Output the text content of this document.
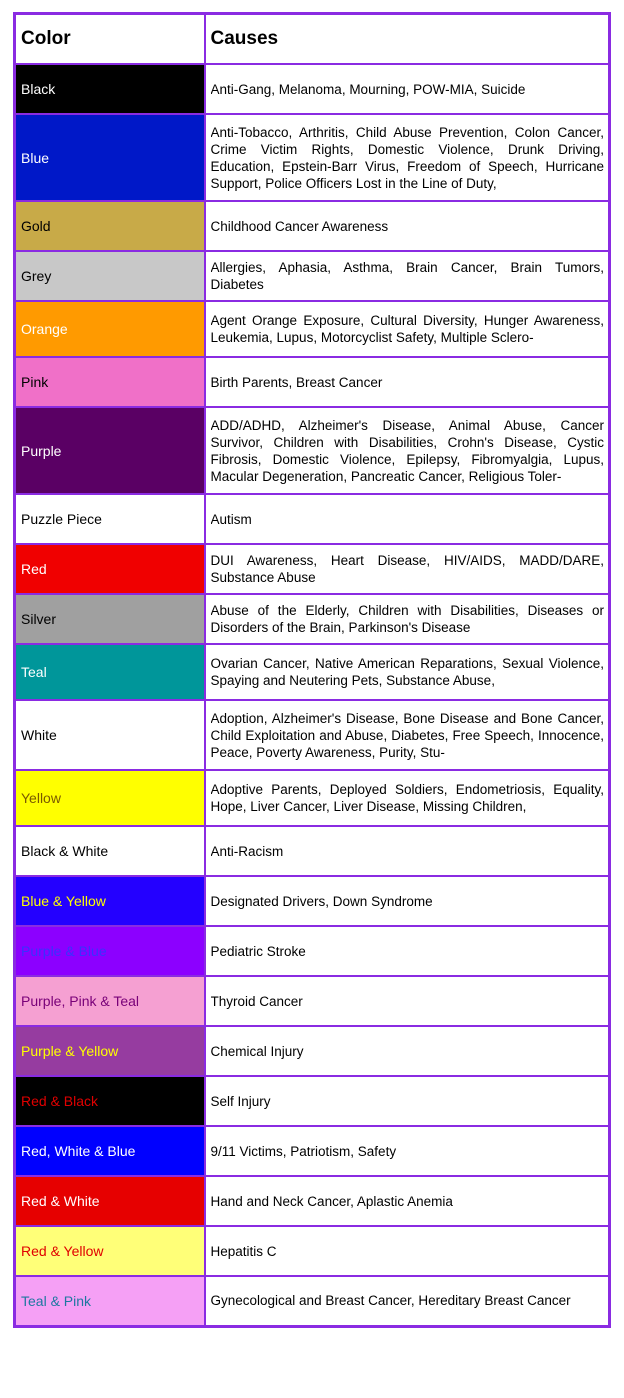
Color	Causes
Black	Anti-Gang, Melanoma, Mourning, POW-MIA, Suicide

Blue	Anti-Tobacco, Arthritis, Child Abuse Prevention, Colon Cancer, Crime Victim Rights, Domestic Violence, Drunk Driving, Education, Epstein-Barr Virus, Freedom of Speech, Hurricane Support, Police Officers Lost in the Line of Duty,

Gold	Childhood Cancer Awareness

Grey	Allergies, Aphasia, Asthma, Brain Cancer, Brain Tumors, Diabetes

Orange	Agent Orange Exposure, Cultural Diversity, Hunger Awareness, Leukemia, Lupus, Motorcyclist Safety, Multiple Sclero-

Pink	Birth Parents, Breast Cancer

Purple	ADD/ADHD, Alzheimer's Disease, Animal Abuse, Cancer Survivor, Children with Disabilities, Crohn's Disease, Cystic Fibrosis, Domestic Violence, Epilepsy, Fibromyalgia, Lupus, Macular Degeneration, Pancreatic Cancer, Religious Toler-

Puzzle Piece	Autism

Red	DUI Awareness, Heart Disease, HIV/AIDS, MADD/DARE, Substance Abuse

Silver	Abuse of the Elderly, Children with Disabilities, Diseases or Disorders of the Brain, Parkinson's Disease

Teal	Ovarian Cancer, Native American Reparations, Sexual Violence, Spaying and Neutering Pets, Substance Abuse,

White	Adoption, Alzheimer's Disease, Bone Disease and Bone Cancer, Child Exploitation and Abuse, Diabetes, Free Speech, Innocence, Peace, Poverty Awareness, Purity, Stu-

Yellow	Adoptive Parents, Deployed Soldiers, Endometriosis, Equality, Hope, Liver Cancer, Liver Disease, Missing Children,

Black & White	Anti-Racism

Blue & Yellow	Designated Drivers, Down Syndrome

Purple & Blue	Pediatric Stroke

Purple, Pink & Teal	Thyroid Cancer

Purple & Yellow	Chemical Injury

Red & Black	Self Injury

Red, White & Blue	9/11 Victims, Patriotism, Safety

Red & White	Hand and Neck Cancer, Aplastic Anemia

Red & Yellow	Hepatitis C

Teal & Pink	Gynecological and Breast Cancer, Hereditary Breast Cancer
